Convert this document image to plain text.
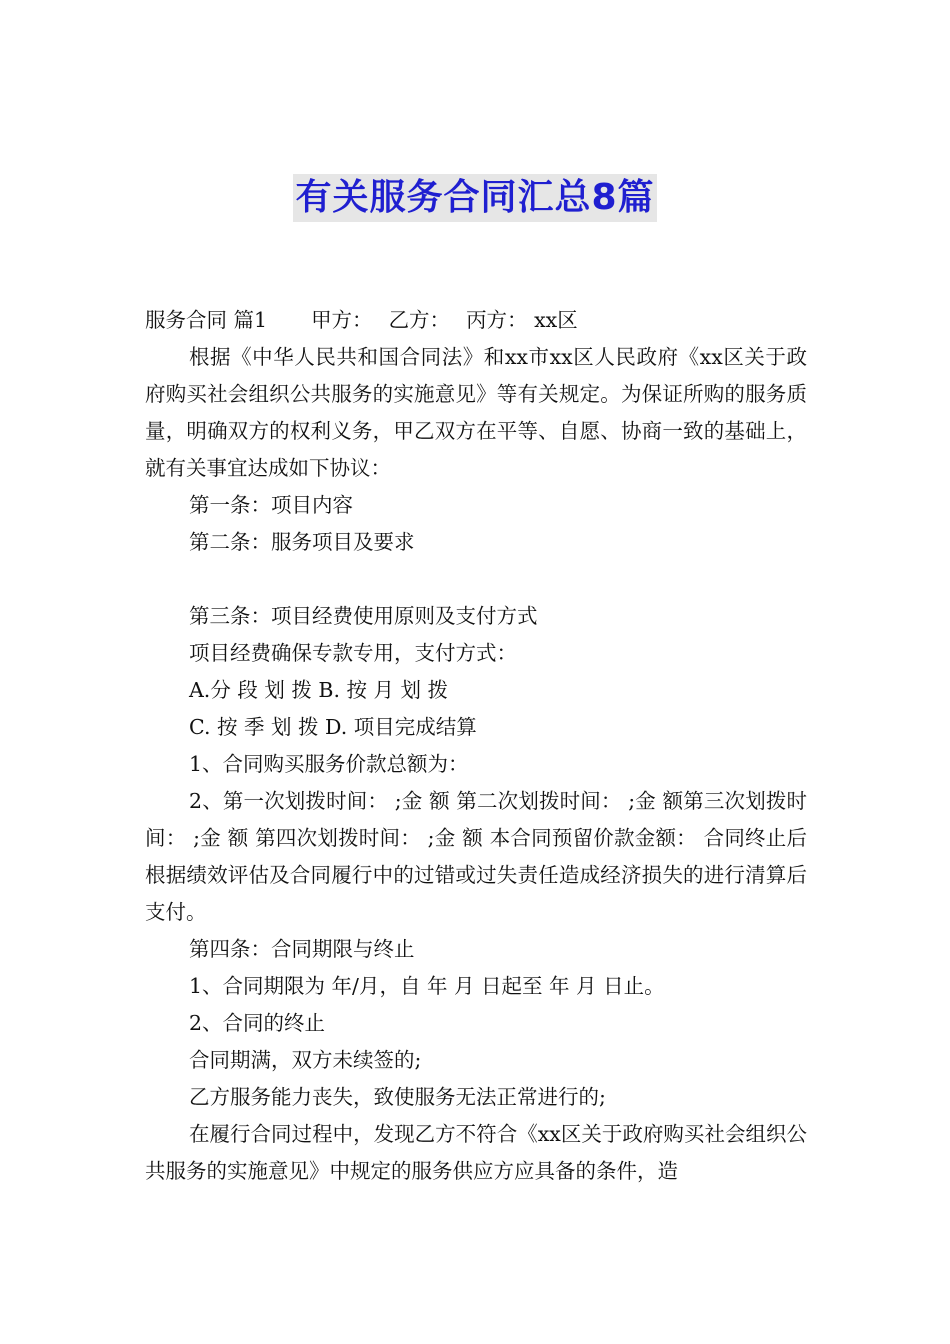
有关服务合同汇总8篇

服务合同 篇1 甲方： 乙方： 丙方： xx区

根据《中华人民共和国合同法》和xx市xx区人民政府《xx区关于政府购买社会组织公共服务的实施意见》等有关规定。为保证所购的服务质量，明确双方的权利义务，甲乙双方在平等、自愿、协商一致的基础上，就有关事宜达成如下协议：

第一条：项目内容

第二条：服务项目及要求

第三条：项目经费使用原则及支付方式

项目经费确保专款专用，支付方式：

A.分 段 划 拨 B. 按 月 划 拨

C. 按 季 划 拨 D. 项目完成结算

1、合同购买服务价款总额为：

2、第一次划拨时间： ;金 额 第二次划拨时间： ;金 额第三次划拨时间： ;金 额 第四次划拨时间： ;金 额 本合同预留价款金额： 合同终止后根据绩效评估及合同履行中的过错或过失责任造成经济损失的进行清算后支付。

第四条：合同期限与终止

1、合同期限为 年/月，自 年 月 日起至 年 月 日止。

2、合同的终止

合同期满，双方未续签的;

乙方服务能力丧失，致使服务无法正常进行的;

在履行合同过程中，发现乙方不符合《xx区关于政府购买社会组织公共服务的实施意见》中规定的服务供应方应具备的条件，造
